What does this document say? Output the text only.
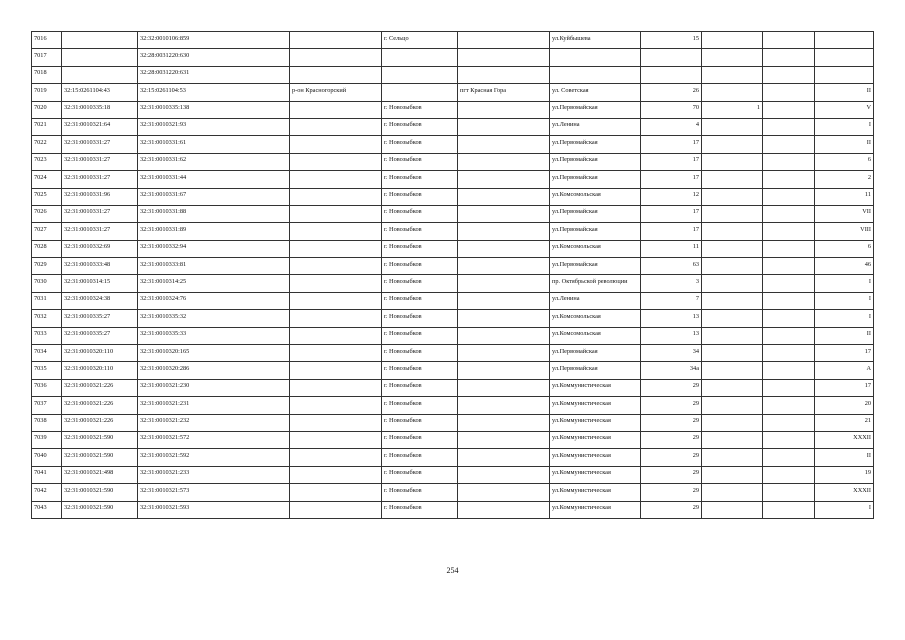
7016		32:32:0010106:859		г. Сельцо		ул.Куйбышева	15			
7017		32:28:0031220:630								
7018		32:28:0031220:631								
7019	32:15:0261104:43	32:15:0261104:53	р-он Красногорский		пгт Красная Гора	ул. Советская	26			II
7020	32:31:0010335:18	32:31:0010335:138		г. Новозыбков		ул.Первомайская	70	1		V
7021	32:31:0010321:64	32:31:0010321:93		г. Новозыбков		ул.Ленина	4			I
7022	32:31:0010331:27	32:31:0010331:61		г. Новозыбков		ул.Первомайская	17			II
7023	32:31:0010331:27	32:31:0010331:62		г. Новозыбков		ул.Первомайская	17			6
7024	32:31:0010331:27	32:31:0010331:44		г. Новозыбков		ул.Первомайская	17			2
7025	32:31:0010331:96	32:31:0010331:67		г. Новозыбков		ул.Комсомольская	12			11
7026	32:31:0010331:27	32:31:0010331:88		г. Новозыбков		ул.Первомайская	17			VII
7027	32:31:0010331:27	32:31:0010331:89		г. Новозыбков		ул.Первомайская	17			VIII
7028	32:31:0010332:69	32:31:0010332:94		г. Новозыбков		ул.Комсомольская	11			6
7029	32:31:0010333:48	32:31:0010333:81		г. Новозыбков		ул.Первомайская	63			46
7030	32:31:0010314:15	32:31:0010314:25		г. Новозыбков		пр. Октябрьской революции	3			I
7031	32:31:0010324:38	32:31:0010324:76		г. Новозыбков		ул.Ленина	7			I
7032	32:31:0010335:27	32:31:0010335:32		г. Новозыбков		ул.Комсомольская	13			I
7033	32:31:0010335:27	32:31:0010335:33		г. Новозыбков		ул.Комсомольская	13			II
7034	32:31:0010320:110	32:31:0010320:165		г. Новозыбков		ул.Первомайская	34			17
7035	32:31:0010320:110	32:31:0010320:286		г. Новозыбков		ул.Первомайская	34а			А
7036	32:31:0010321:226	32:31:0010321:230		г. Новозыбков		ул.Коммунистическая	29			17
7037	32:31:0010321:226	32:31:0010321:231		г. Новозыбков		ул.Коммунистическая	29			20
7038	32:31:0010321:226	32:31:0010321:232		г. Новозыбков		ул.Коммунистическая	29			21
7039	32:31:0010321:590	32:31:0010321:572		г. Новозыбков		ул.Коммунистическая	29			XXXII
7040	32:31:0010321:590	32:31:0010321:592		г. Новозыбков		ул.Коммунистическая	29			II
7041	32:31:0010321:498	32:31:0010321:233		г. Новозыбков		ул.Коммунистическая	29			19
7042	32:31:0010321:590	32:31:0010321:573		г. Новозыбков		ул.Коммунистическая	29			XXXII
7043	32:31:0010321:590	32:31:0010321:593		г. Новозыбков		ул.Коммунистическая	29			I
254
